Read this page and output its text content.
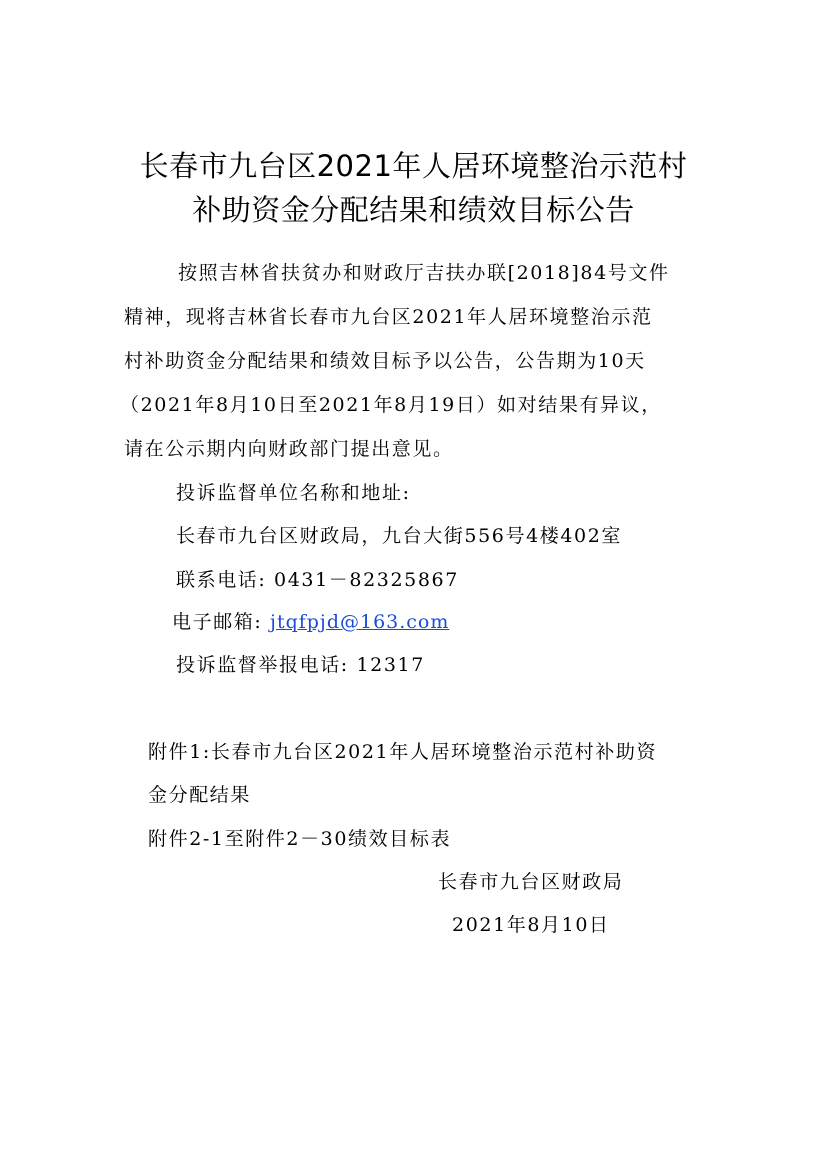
长春市九台区2021年人居环境整治示范村
补助资金分配结果和绩效目标公告
按照吉林省扶贫办和财政厅吉扶办联[2018]84号文件
精神，现将吉林省长春市九台区2021年人居环境整治示范
村补助资金分配结果和绩效目标予以公告，公告期为10天
（2021年8月10日至2021年8月19日）如对结果有异议，
请在公示期内向财政部门提出意见。
投诉监督单位名称和地址:
长春市九台区财政局，九台大街556号4楼402室
联系电话: 0431－82325867
电子邮箱: jtqfpjd@163.com
投诉监督举报电话: 12317
附件1:长春市九台区2021年人居环境整治示范村补助资
金分配结果
附件2-1至附件2－30绩效目标表
长春市九台区财政局
2021年8月10日
